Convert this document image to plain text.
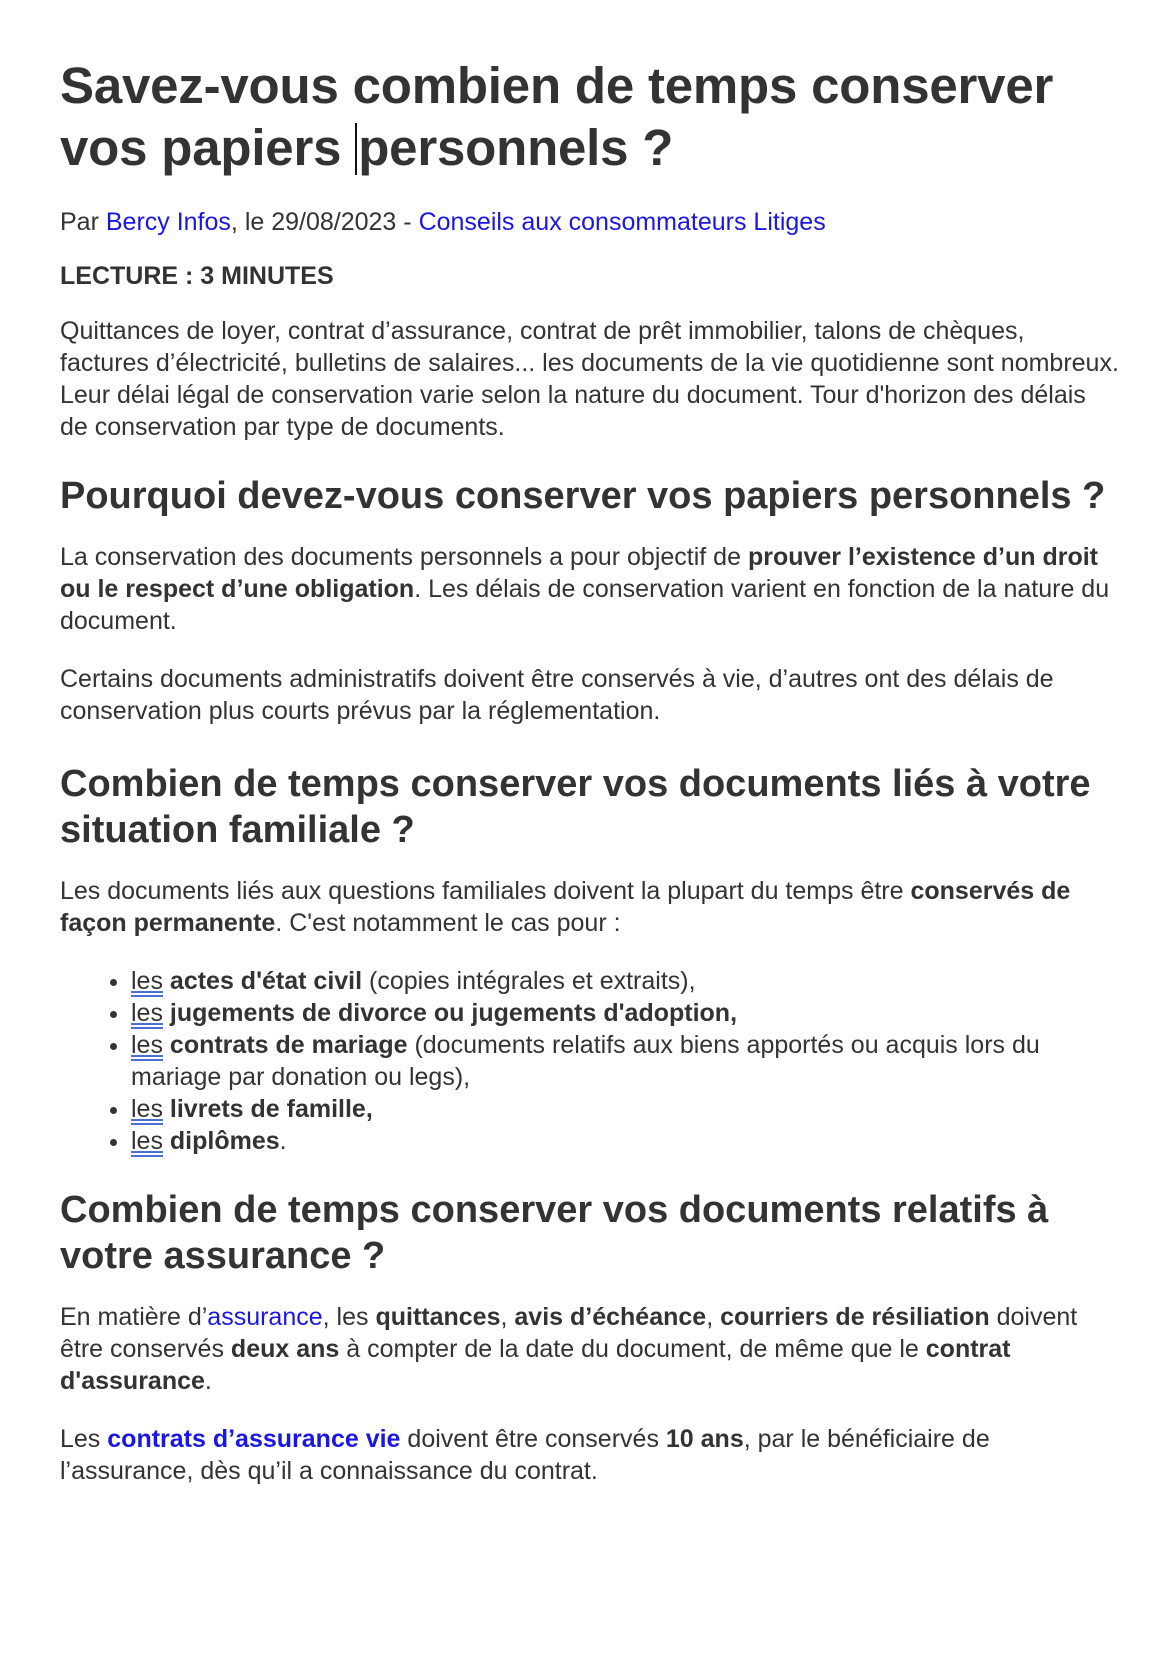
Savez-vous combien de temps conserver
vos papiers personnels ?
Par Bercy Infos, le 29/08/2023 - Conseils aux consommateurs Litiges
LECTURE : 3 MINUTES

Quittances de loyer, contrat d’assurance, contrat de prêt immobilier, talons de chèques, factures d’électricité, bulletins de salaires... les documents de la vie quotidienne sont nombreux. Leur délai légal de conservation varie selon la nature du document. Tour d'horizon des délais de conservation par type de documents.

Pourquoi devez-vous conserver vos papiers personnels ?

La conservation des documents personnels a pour objectif de prouver l’existence d’un droit ou le respect d’une obligation. Les délais de conservation varient en fonction de la nature du document.

Certains documents administratifs doivent être conservés à vie, d’autres ont des délais de conservation plus courts prévus par la réglementation.

Combien de temps conserver vos documents liés à votre situation familiale ?

Les documents liés aux questions familiales doivent la plupart du temps être conservés de façon permanente. C'est notamment le cas pour :

• les actes d'état civil (copies intégrales et extraits),
• les jugements de divorce ou jugements d'adoption,
• les contrats de mariage (documents relatifs aux biens apportés ou acquis lors du mariage par donation ou legs),
• les livrets de famille,
• les diplômes.
Combien de temps conserver vos documents relatifs à votre assurance ?

En matière d’assurance, les quittances, avis d’échéance, courriers de résiliation doivent être conservés deux ans à compter de la date du document, de même que le contrat d'assurance.

Les contrats d’assurance vie doivent être conservés 10 ans, par le bénéficiaire de l’assurance, dès qu’il a connaissance du contrat.
